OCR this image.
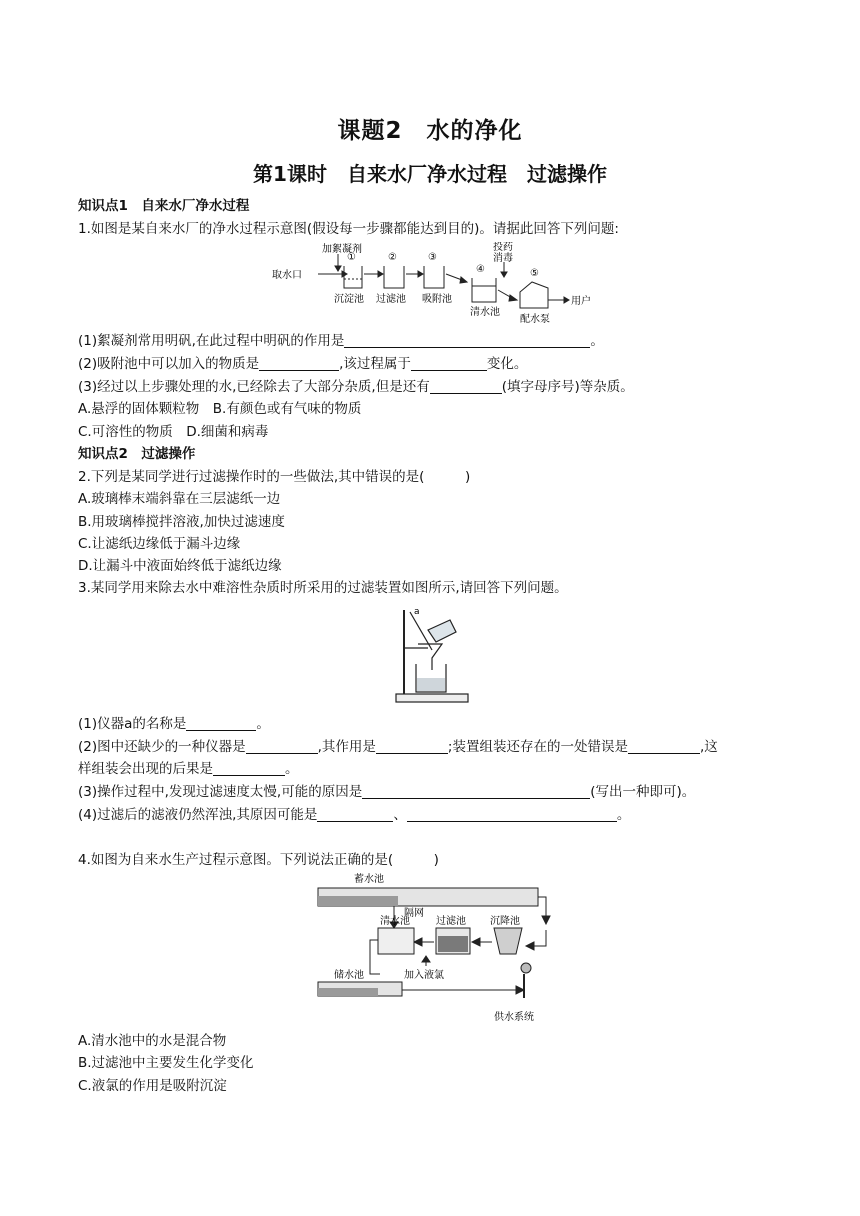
课题2　水的净化
第1课时　自来水厂净水过程　过滤操作
知识点1　自来水厂净水过程
1.如图是某自来水厂的净水过程示意图(假设每一步骤都能达到目的)。请据此回答下列问题:
取水口
加絮凝剂
①	②	③
④	⑤
沉淀池 过滤池 吸附池
投药
消毒
清水池
配水泵
用户
(1)絮凝剂常用明矾,在此过程中明矾的作用是	。
(2)吸附池中可以加入的物质是	,该过程属于	变化。
(3)经过以上步骤处理的水,已经除去了大部分杂质,但是还有	(填字母序号)等杂质。
A.悬浮的固体颗粒物　B.有颜色或有气味的物质
C.可溶性的物质　D.细菌和病毒
知识点2　过滤操作
2.下列是某同学进行过滤操作时的一些做法,其中错误的是(　　　)
A.玻璃棒末端斜靠在三层滤纸一边
B.用玻璃棒搅拌溶液,加快过滤速度
C.让滤纸边缘低于漏斗边缘
D.让漏斗中液面始终低于滤纸边缘
3.某同学用来除去水中难溶性杂质时所采用的过滤装置如图所示,请回答下列问题。
a
(1)仪器a的名称是	。
(2)图中还缺少的一种仪器是	,其作用是	;装置组装还存在的一处错误是	,这
样组装会出现的后果是	。
(3)操作过程中,发现过滤速度太慢,可能的原因是	(写出一种即可)。
(4)过滤后的滤液仍然浑浊,其原因可能是	、	。
4.如图为自来水生产过程示意图。下列说法正确的是(　　　)
蓄水池
隔网
清水池	过滤池 沉降池
储水池	加入液氯
供水系统
A.清水池中的水是混合物
B.过滤池中主要发生化学变化
C.液氯的作用是吸附沉淀
